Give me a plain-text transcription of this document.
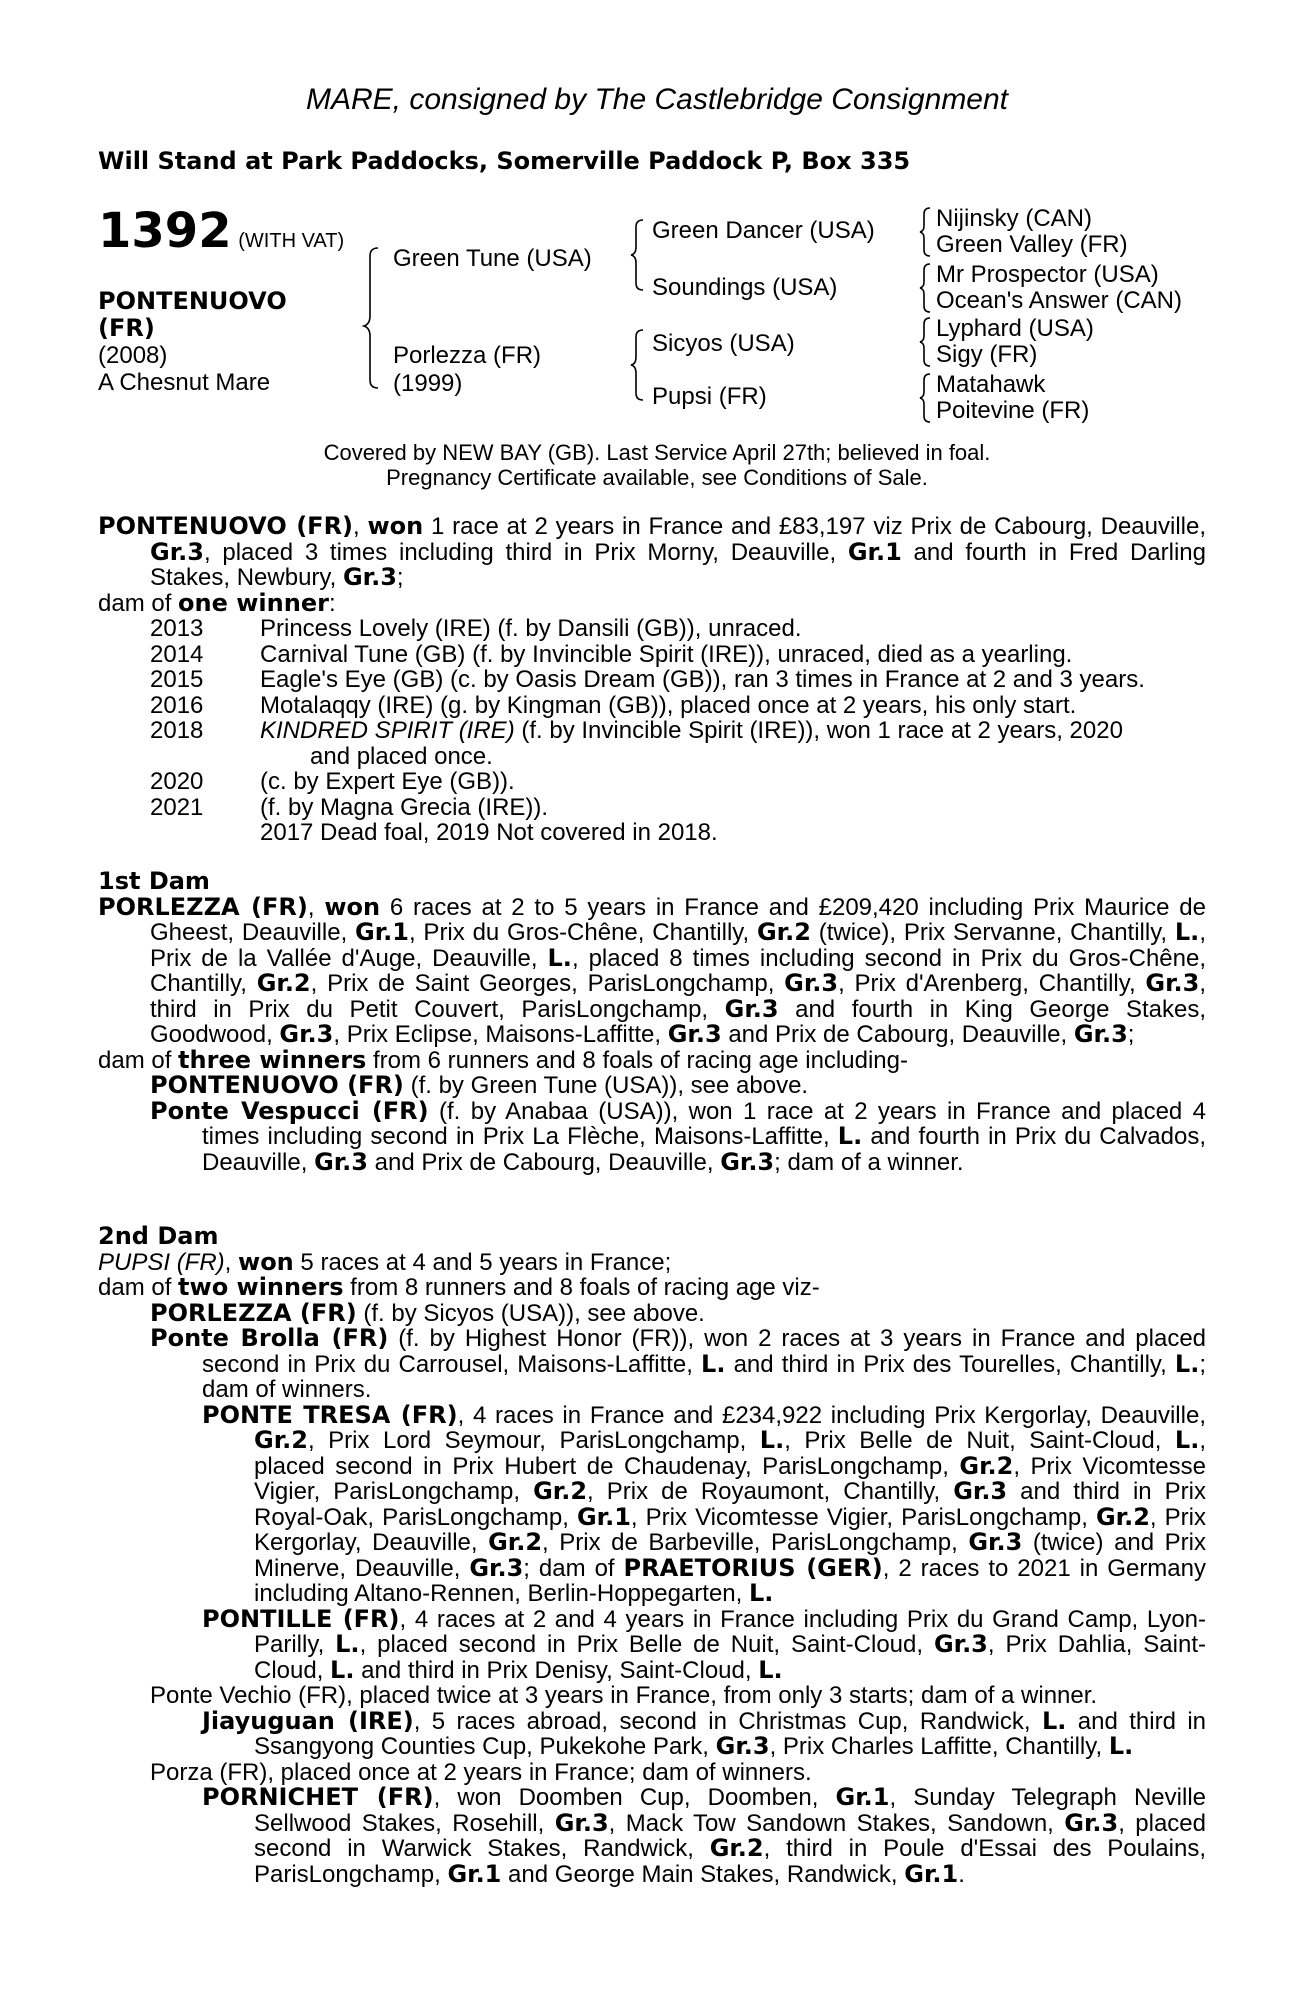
MARE, consigned by The Castlebridge Consignment
Will Stand at Park Paddocks, Somerville Paddock P, Box 335
1392 (WITH VAT)
PONTENUOVO
(FR)
(2008)
A Chesnut Mare
Green Tune (USA)
Porlezza (FR)
(1999)
Green Dancer (USA)
Soundings (USA)
Sicyos (USA)
Pupsi (FR)
Nijinsky (CAN)
Green Valley (FR)
Mr Prospector (USA)
Ocean's Answer (CAN)
Lyphard (USA)
Sigy (FR)
Matahawk
Poitevine (FR)
Covered by NEW BAY (GB). Last Service April 27th; believed in foal.
Pregnancy Certificate available, see Conditions of Sale.
PONTENUOVO (FR), won 1 race at 2 years in France and £83,197 viz Prix de Cabourg, Deauville, Gr.3, placed 3 times including third in Prix Morny, Deauville, Gr.1 and fourth in Fred Darling Stakes, Newbury, Gr.3;
dam of one winner:
2013	Princess Lovely (IRE) (f. by Dansili (GB)), unraced.
2014	Carnival Tune (GB) (f. by Invincible Spirit (IRE)), unraced, died as a yearling.
2015	Eagle's Eye (GB) (c. by Oasis Dream (GB)), ran 3 times in France at 2 and 3 years.
2016	Motalaqqy (IRE) (g. by Kingman (GB)), placed once at 2 years, his only start.
2018	KINDRED SPIRIT (IRE) (f. by Invincible Spirit (IRE)), won 1 race at 2 years, 2020
and placed once.
2020	(c. by Expert Eye (GB)).
2021	(f. by Magna Grecia (IRE)).
2017 Dead foal, 2019 Not covered in 2018.
1st Dam
PORLEZZA (FR), won 6 races at 2 to 5 years in France and £209,420 including Prix Maurice de Gheest, Deauville, Gr.1, Prix du Gros-Chêne, Chantilly, Gr.2 (twice), Prix Servanne, Chantilly, L., Prix de la Vallée d'Auge, Deauville, L., placed 8 times including second in Prix du Gros-Chêne, Chantilly, Gr.2, Prix de Saint Georges, ParisLongchamp, Gr.3, Prix d'Arenberg, Chantilly, Gr.3, third in Prix du Petit Couvert, ParisLongchamp, Gr.3 and fourth in King George Stakes, Goodwood, Gr.3, Prix Eclipse, Maisons-Laffitte, Gr.3 and Prix de Cabourg, Deauville, Gr.3;
dam of three winners from 6 runners and 8 foals of racing age including-
PONTENUOVO (FR) (f. by Green Tune (USA)), see above.
Ponte Vespucci (FR) (f. by Anabaa (USA)), won 1 race at 2 years in France and placed 4 times including second in Prix La Flèche, Maisons-Laffitte, L. and fourth in Prix du Calvados, Deauville, Gr.3 and Prix de Cabourg, Deauville, Gr.3; dam of a winner.
2nd Dam
PUPSI (FR), won 5 races at 4 and 5 years in France;
dam of two winners from 8 runners and 8 foals of racing age viz-
PORLEZZA (FR) (f. by Sicyos (USA)), see above.
Ponte Brolla (FR) (f. by Highest Honor (FR)), won 2 races at 3 years in France and placed second in Prix du Carrousel, Maisons-Laffitte, L. and third in Prix des Tourelles, Chantilly, L.; dam of winners.
PONTE TRESA (FR), 4 races in France and £234,922 including Prix Kergorlay, Deauville, Gr.2, Prix Lord Seymour, ParisLongchamp, L., Prix Belle de Nuit, Saint-Cloud, L., placed second in Prix Hubert de Chaudenay, ParisLongchamp, Gr.2, Prix Vicomtesse Vigier, ParisLongchamp, Gr.2, Prix de Royaumont, Chantilly, Gr.3 and third in Prix Royal-Oak, ParisLongchamp, Gr.1, Prix Vicomtesse Vigier, ParisLongchamp, Gr.2, Prix Kergorlay, Deauville, Gr.2, Prix de Barbeville, ParisLongchamp, Gr.3 (twice) and Prix Minerve, Deauville, Gr.3; dam of PRAETORIUS (GER), 2 races to 2021 in Germany including Altano-Rennen, Berlin-Hoppegarten, L.
PONTILLE (FR), 4 races at 2 and 4 years in France including Prix du Grand Camp, Lyon-Parilly, L., placed second in Prix Belle de Nuit, Saint-Cloud, Gr.3, Prix Dahlia, Saint-Cloud, L. and third in Prix Denisy, Saint-Cloud, L.
Ponte Vechio (FR), placed twice at 3 years in France, from only 3 starts; dam of a winner.
Jiayuguan (IRE), 5 races abroad, second in Christmas Cup, Randwick, L. and third in Ssangyong Counties Cup, Pukekohe Park, Gr.3, Prix Charles Laffitte, Chantilly, L.
Porza (FR), placed once at 2 years in France; dam of winners.
PORNICHET (FR), won Doomben Cup, Doomben, Gr.1, Sunday Telegraph Neville Sellwood Stakes, Rosehill, Gr.3, Mack Tow Sandown Stakes, Sandown, Gr.3, placed second in Warwick Stakes, Randwick, Gr.2, third in Poule d'Essai des Poulains, ParisLongchamp, Gr.1 and George Main Stakes, Randwick, Gr.1.
